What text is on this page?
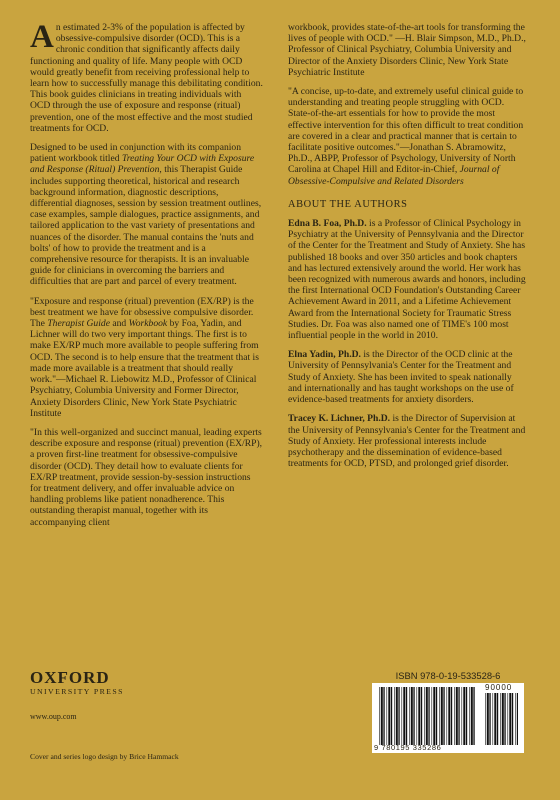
An estimated 2-3% of the population is affected by obsessive-compulsive disorder (OCD). This is a chronic condition that significantly affects daily functioning and quality of life. Many people with OCD would greatly benefit from receiving professional help to learn how to successfully manage this debilitating condition. This book guides clinicians in treating individuals with OCD through the use of exposure and response (ritual) prevention, one of the most effective and the most studied treatments for OCD.

Designed to be used in conjunction with its companion patient workbook titled Treating Your OCD with Exposure and Response (Ritual) Prevention, this Therapist Guide includes supporting theoretical, historical and research background information, diagnostic descriptions, differential diagnoses, session by session treatment outlines, case examples, sample dialogues, practice assignments, and tailored application to the vast variety of presentations and nuances of the disorder. The manual contains the 'nuts and bolts' of how to provide the treatment and is a comprehensive resource for therapists. It is an invaluable guide for clinicians in overcoming the barriers and difficulties that are part and parcel of every treatment.

"Exposure and response (ritual) prevention (EX/RP) is the best treatment we have for obsessive compulsive disorder. The Therapist Guide and Workbook by Foa, Yadin, and Lichner will do two very important things. The first is to make EX/RP much more available to people suffering from OCD. The second is to help ensure that the treatment that is made more available is a treatment that should really work."—Michael R. Liebowitz M.D., Professor of Clinical Psychiatry, Columbia University and Former Director, Anxiety Disorders Clinic, New York State Psychiatric Institute

"In this well-organized and succinct manual, leading experts describe exposure and response (ritual) prevention (EX/RP), a proven first-line treatment for obsessive-compulsive disorder (OCD). They detail how to evaluate clients for EX/RP treatment, provide session-by-session instructions for treatment delivery, and offer invaluable advice on handling problems like patient nonadherence. This outstanding therapist manual, together with its accompanying client

workbook, provides state-of-the-art tools for transforming the lives of people with OCD." —H. Blair Simpson, M.D., Ph.D., Professor of Clinical Psychiatry, Columbia University and Director of the Anxiety Disorders Clinic, New York State Psychiatric Institute

"A concise, up-to-date, and extremely useful clinical guide to understanding and treating people struggling with OCD. State-of-the-art essentials for how to provide the most effective intervention for this often difficult to treat condition are covered in a clear and practical manner that is certain to facilitate positive outcomes."—Jonathan S. Abramowitz, Ph.D., ABPP, Professor of Psychology, University of North Carolina at Chapel Hill and Editor-in-Chief, Journal of Obsessive-Compulsive and Related Disorders

ABOUT THE AUTHORS

Edna B. Foa, Ph.D. is a Professor of Clinical Psychology in Psychiatry at the University of Pennsylvania and the Director of the Center for the Treatment and Study of Anxiety. She has published 18 books and over 350 articles and book chapters and has lectured extensively around the world. Her work has been recognized with numerous awards and honors, including the first International OCD Foundation's Outstanding Career Achievement Award in 2011, and a Lifetime Achievement Award from the International Society for Traumatic Stress Studies. Dr. Foa was also named one of TIME's 100 most influential people in the world in 2010.

Elna Yadin, Ph.D. is the Director of the OCD clinic at the University of Pennsylvania's Center for the Treatment and Study of Anxiety. She has been invited to speak nationally and internationally and has taught workshops on the use of evidence-based treatments for anxiety disorders.

Tracey K. Lichner, Ph.D. is the Director of Supervision at the University of Pennsylvania's Center for the Treatment and Study of Anxiety. Her professional interests include psychotherapy and the dissemination of evidence-based treatments for OCD, PTSD, and prolonged grief disorder.

OXFORD
UNIVERSITY PRESS
www.oup.com
Cover and series logo design by Brice Hammack
ISBN 978-0-19-533528-6
90000
9 780195 335286
